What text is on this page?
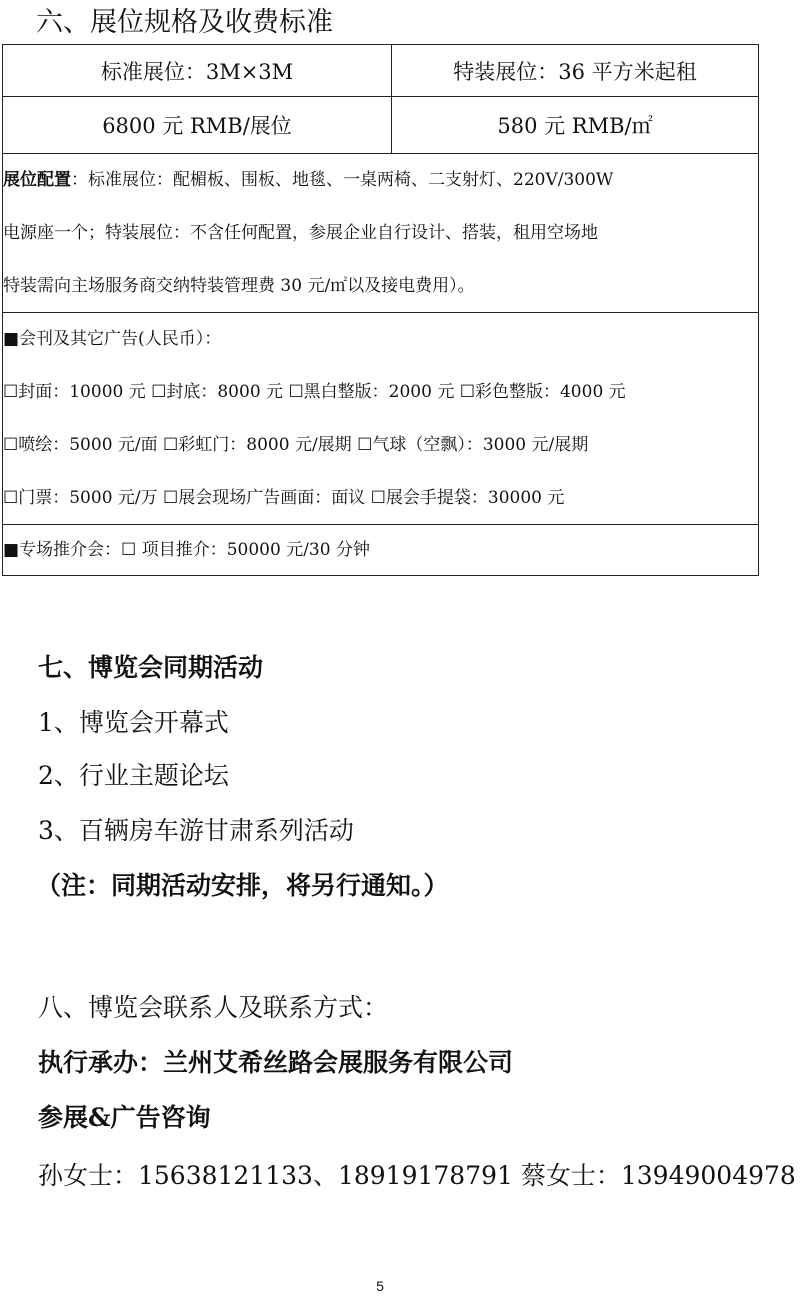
六、展位规格及收费标准
标准展位：3M×3M	特装展位：36 平方米起租
6800 元 RMB/展位	580 元 RMB/㎡

展位配置：标准展位：配楣板、围板、地毯、一桌两椅、二支射灯、220V/300W
电源座一个；特装展位：不含任何配置，参展企业自行设计、搭装，租用空场地
特装需向主场服务商交纳特装管理费 30 元/㎡以及接电费用）。	

■会刊及其它广告(人民币）：
☐封面：10000 元 ☐封底：8000 元 ☐黑白整版：2000 元 ☐彩色整版：4000 元
☐喷绘：5000 元/面 ☐彩虹门：8000 元/展期 ☐气球（空飘）：3000 元/展期
☐门票：5000 元/万 ☐展会现场广告画面：面议 ☐展会手提袋：30000 元	

■专场推介会：☐ 项目推介：50000 元/30 分钟	
七、博览会同期活动
1、博览会开幕式
2、行业主题论坛
3、百辆房车游甘肃系列活动
（注：同期活动安排，将另行通知。）
八、博览会联系人及联系方式：
执行承办：兰州艾希丝路会展服务有限公司
参展&广告咨询
孙女士：15638121133、18919178791 蔡女士：13949004978
5
